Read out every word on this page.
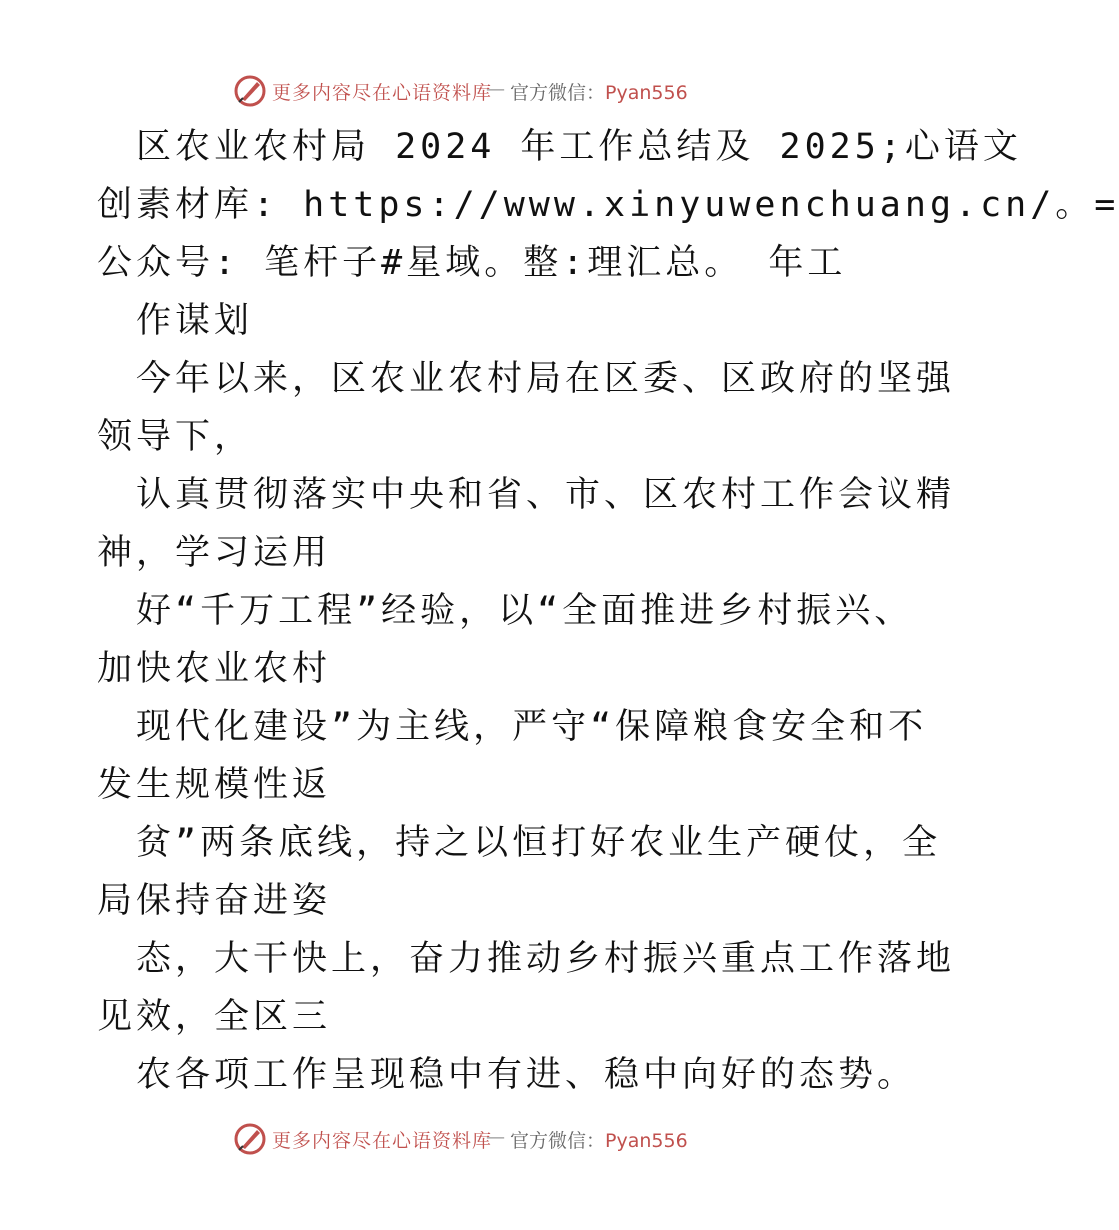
更多内容尽在心语资料库
— 官方微信：Pyan556
区农业农村局 2024 年工作总结及 2025;心语文
创素材库: https://www.xinyuwenchuang.cn/。=
公众号: 笔杆子#星域。整:理汇总。 年工
作谋划
今年以来，区农业农村局在区委、区政府的坚强
领导下，
认真贯彻落实中央和省、市、区农村工作会议精
神，学习运用
好“千万工程”经验，以“全面推进乡村振兴、
加快农业农村
现代化建设”为主线，严守“保障粮食安全和不
发生规模性返
贫”两条底线，持之以恒打好农业生产硬仗，全
局保持奋进姿
态，大干快上，奋力推动乡村振兴重点工作落地
见效，全区三
农各项工作呈现稳中有进、稳中向好的态势。
更多内容尽在心语资料库
— 官方微信：Pyan556
